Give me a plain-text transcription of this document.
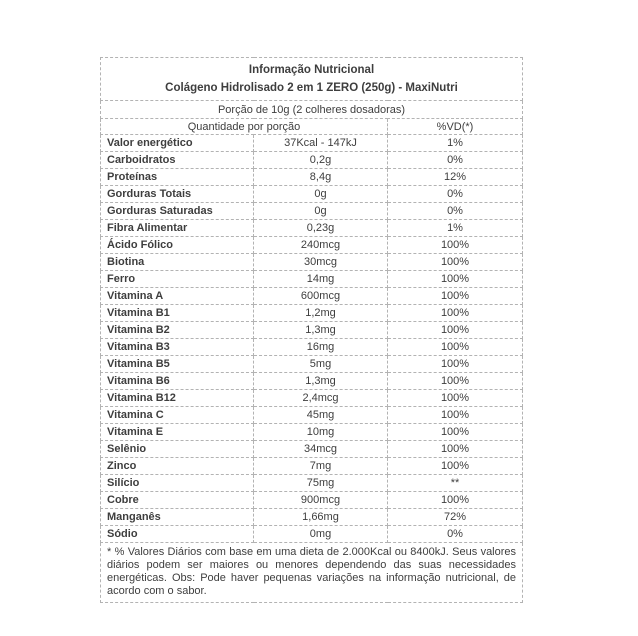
Informação Nutricional
Colágeno Hidrolisado 2 em 1 ZERO (250g) - MaxiNutri		

Porção de 10g (2 colheres dosadoras)		
Quantidade por porção		%VD(*)
Valor energético	37Kcal - 147kJ	1%
Carboidratos	0,2g	0%
Proteínas	8,4g	12%
Gorduras Totais	0g	0%
Gorduras Saturadas	0g	0%
Fibra Alimentar	0,23g	1%
Ácido Fólico	240mcg	100%
Biotina	30mcg	100%
Ferro	14mg	100%
Vitamina A	600mcg	100%
Vitamina B1	1,2mg	100%
Vitamina B2	1,3mg	100%
Vitamina B3	16mg	100%
Vitamina B5	5mg	100%
Vitamina B6	1,3mg	100%
Vitamina B12	2,4mcg	100%
Vitamina C	45mg	100%
Vitamina E	10mg	100%
Selênio	34mcg	100%
Zinco	7mg	100%
Silício	75mg	**
Cobre	900mcg	100%
Manganês	1,66mg	72%
Sódio	0mg	0%
* % Valores Diários com base em uma dieta de 2.000Kcal ou 8400kJ. Seus valores diários podem ser maiores ou menores dependendo das suas necessidades energéticas. Obs: Pode haver pequenas variações na informação nutricional, de acordo com o sabor.		
